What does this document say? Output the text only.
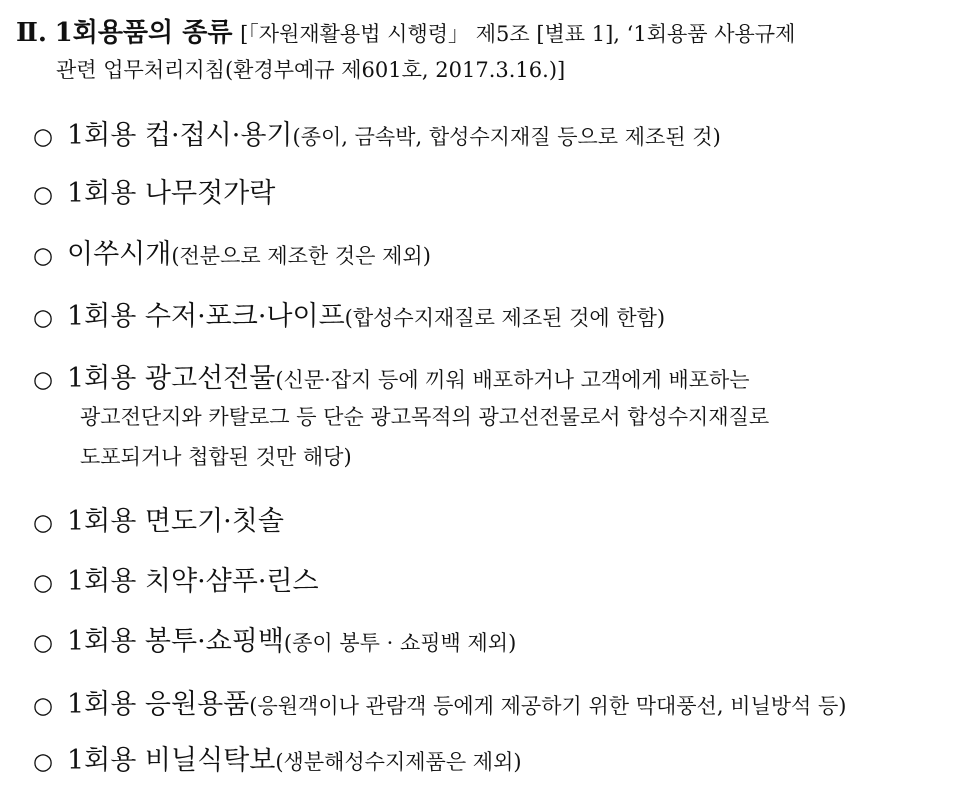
Ⅱ. 1회용품의 종류 [「자원재활용법 시행령」 제5조 [별표 1], ‘1회용품 사용규제
관련 업무처리지침(환경부예규 제601호, 2017.3.16.)]
○ 1회용 컵·접시·용기(종이, 금속박, 합성수지재질 등으로 제조된 것)
○ 1회용 나무젓가락
○ 이쑤시개(전분으로 제조한 것은 제외)
○ 1회용 수저·포크·나이프(합성수지재질로 제조된 것에 한함)
○ 1회용 광고선전물(신문·잡지 등에 끼워 배포하거나 고객에게 배포하는
광고전단지와 카탈로그 등 단순 광고목적의 광고선전물로서 합성수지재질로
도포되거나 첩합된 것만 해당)
○ 1회용 면도기·칫솔
○ 1회용 치약·샴푸·린스
○ 1회용 봉투·쇼핑백(종이 봉투 · 쇼핑백 제외)
○ 1회용 응원용품(응원객이나 관람객 등에게 제공하기 위한 막대풍선, 비닐방석 등)
○ 1회용 비닐식탁보(생분해성수지제품은 제외)
